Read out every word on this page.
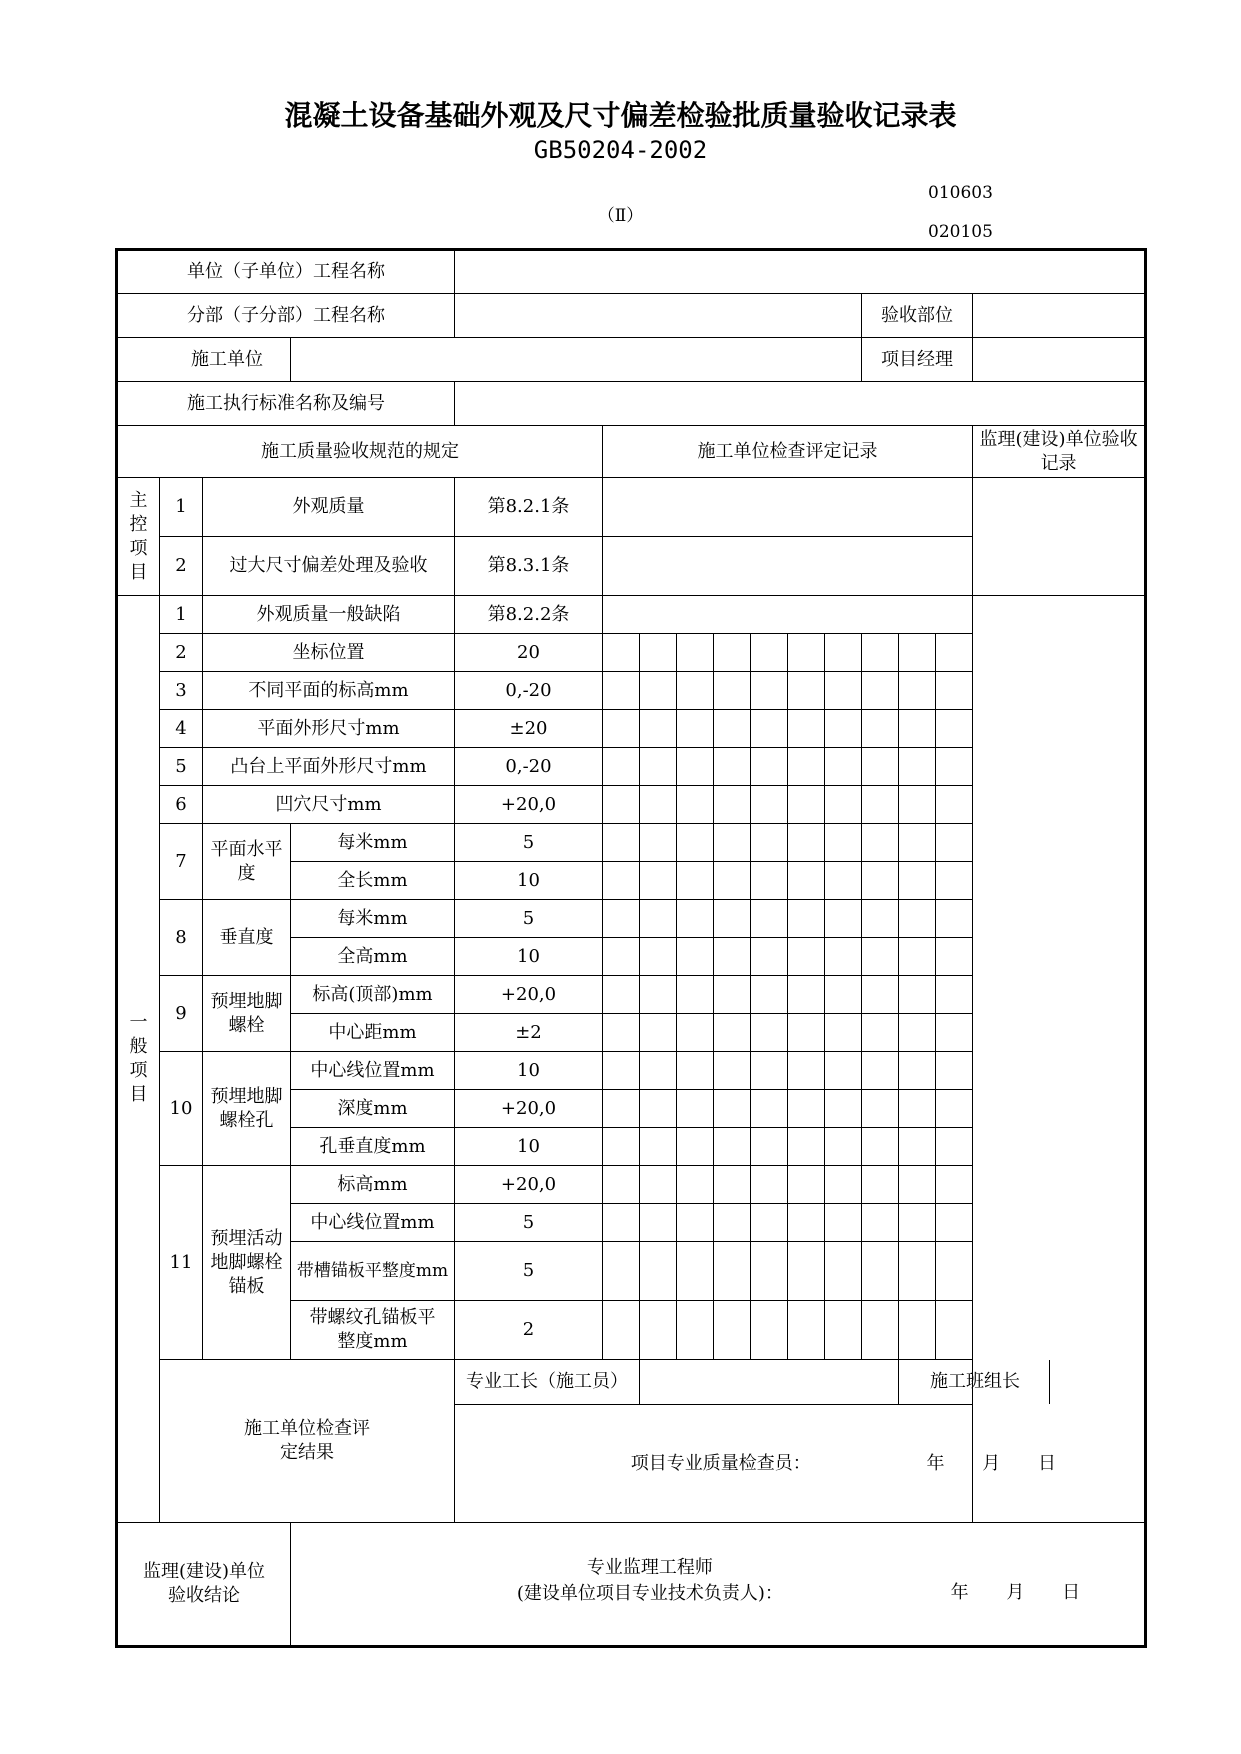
混凝土设备基础外观及尺寸偏差检验批质量验收记录表
GB50204-2002
010603
（Ⅱ）
020105
单位（子单位）工程名称															
分部（子分部）工程名称												验收部位			
施工单位												项目经理			
施工执行标准名称及编号															
施工质量验收规范的规定					施工单位检查评定记录										监理(建设)单位验收记录
主控项目	1	外观质量		第8.2.1条											
	2	过大尺寸偏差处理及验收		第8.3.1条											
一般项目	1	外观质量一般缺陷		第8.2.2条											
	2	坐标位置		20											
	3	不同平面的标高mm		0,-20											
	4	平面外形尺寸mm		±20											
	5	凸台上平面外形尺寸mm		0,-20											
	6	凹穴尺寸mm		+20,0											
	7	平面水平度	每米mm	5											
			全长mm	10											
	8	垂直度	每米mm	5											
			全高mm	10											
	9	预埋地脚螺栓	标高(顶部)mm	+20,0											
			中心距mm	±2											
	10	预埋地脚螺栓孔	中心线位置mm	10											
			深度mm	+20,0											
			孔垂直度mm	10											
	11	预埋活动地脚螺栓锚板	标高mm	+20,0											
			中心线位置mm	5											
			带槽锚板平整度mm	5											
			带螺纹孔锚板平整度mm	2											
	施工单位检查评定结果			专业工长（施工员）									施工班组长		

				项目专业质量检查员： 年 月 日											

监理(建设)单位验收结论			专业监理工程师
(建设单位项目专业技术负责人)： 年 月 日												
